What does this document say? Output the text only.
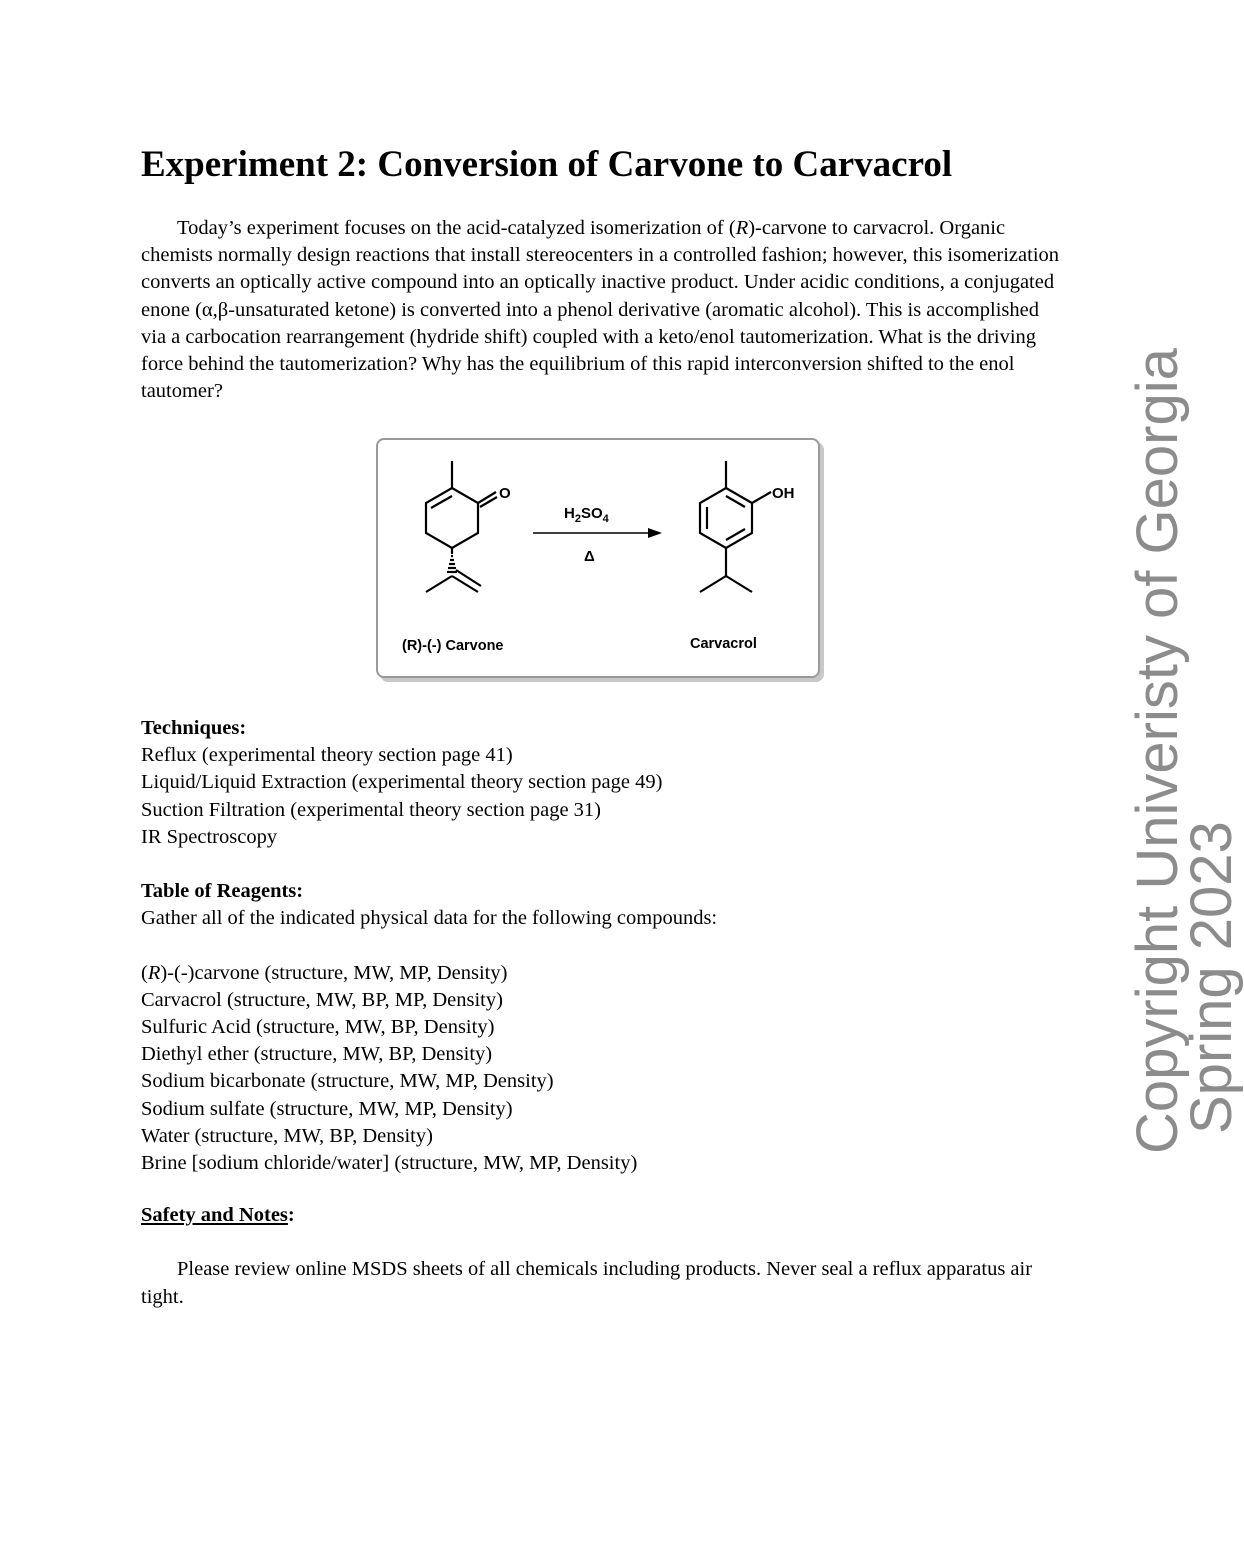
Experiment 2: Conversion of Carvone to Carvacrol

Today’s experiment focuses on the acid-catalyzed isomerization of (R)-carvone to carvacrol. Organic chemists normally design reactions that install stereocenters in a controlled fashion; however, this isomerization converts an optically active compound into an optically inactive product. Under acidic conditions, a conjugated enone (α,β-unsaturated ketone) is converted into a phenol derivative (aromatic alcohol). This is accomplished via a carbocation rearrangement (hydride shift) coupled with a keto/enol tautomerization. What is the driving force behind the tautomerization? Why has the equilibrium of this rapid interconversion shifted to the enol tautomer?

O
$H_2SO_4$
Δ
OH
(R)-(-) Carvone	Carvacrol
Techniques:
Reflux (experimental theory section page 41)
Liquid/Liquid Extraction (experimental theory section page 49)
Suction Filtration (experimental theory section page 31)
IR Spectroscopy
Table of Reagents:
Gather all of the indicated physical data for the following compounds:

(R)-(-)carvone (structure, MW, MP, Density)
Carvacrol (structure, MW, BP, MP, Density)
Sulfuric Acid (structure, MW, BP, Density)
Diethyl ether (structure, MW, BP, Density)
Sodium bicarbonate (structure, MW, MP, Density)
Sodium sulfate (structure, MW, MP, Density)
Water (structure, MW, BP, Density)
Brine [sodium chloride/water] (structure, MW, MP, Density)
Safety and Notes:

Please review online MSDS sheets of all chemicals including products. Never seal a reflux apparatus air tight.

Copyright Univeristy of Georgia
Spring 2023
